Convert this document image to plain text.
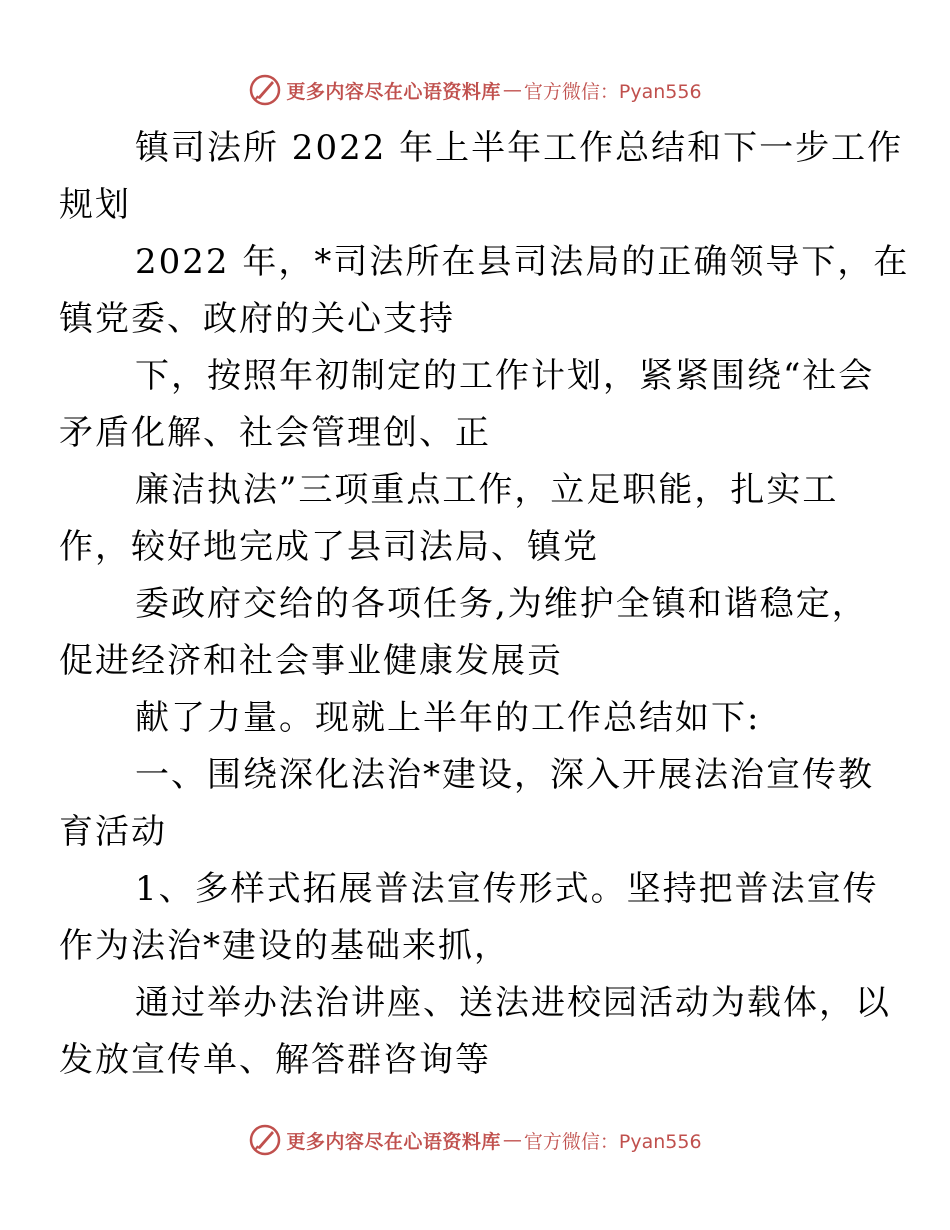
更多内容尽在心语资料库 — 官方微信：Pyan556

镇司法所 2022 年上半年工作总结和下一步工作
规划

2022 年，*司法所在县司法局的正确领导下，在
镇党委、政府的关心支持

下，按照年初制定的工作计划，紧紧围绕“社会
矛盾化解、社会管理创、正

廉洁执法”三项重点工作，立足职能，扎实工
作，较好地完成了县司法局、镇党

委政府交给的各项任务,为维护全镇和谐稳定，
促进经济和社会事业健康发展贡

献了力量。现就上半年的工作总结如下:

一、围绕深化法治*建设，深入开展法治宣传教
育活动

1、多样式拓展普法宣传形式。坚持把普法宣传
作为法治*建设的基础来抓，

通过举办法治讲座、送法进校园活动为载体，以
发放宣传单、解答群咨询等

更多内容尽在心语资料库 — 官方微信：Pyan556
